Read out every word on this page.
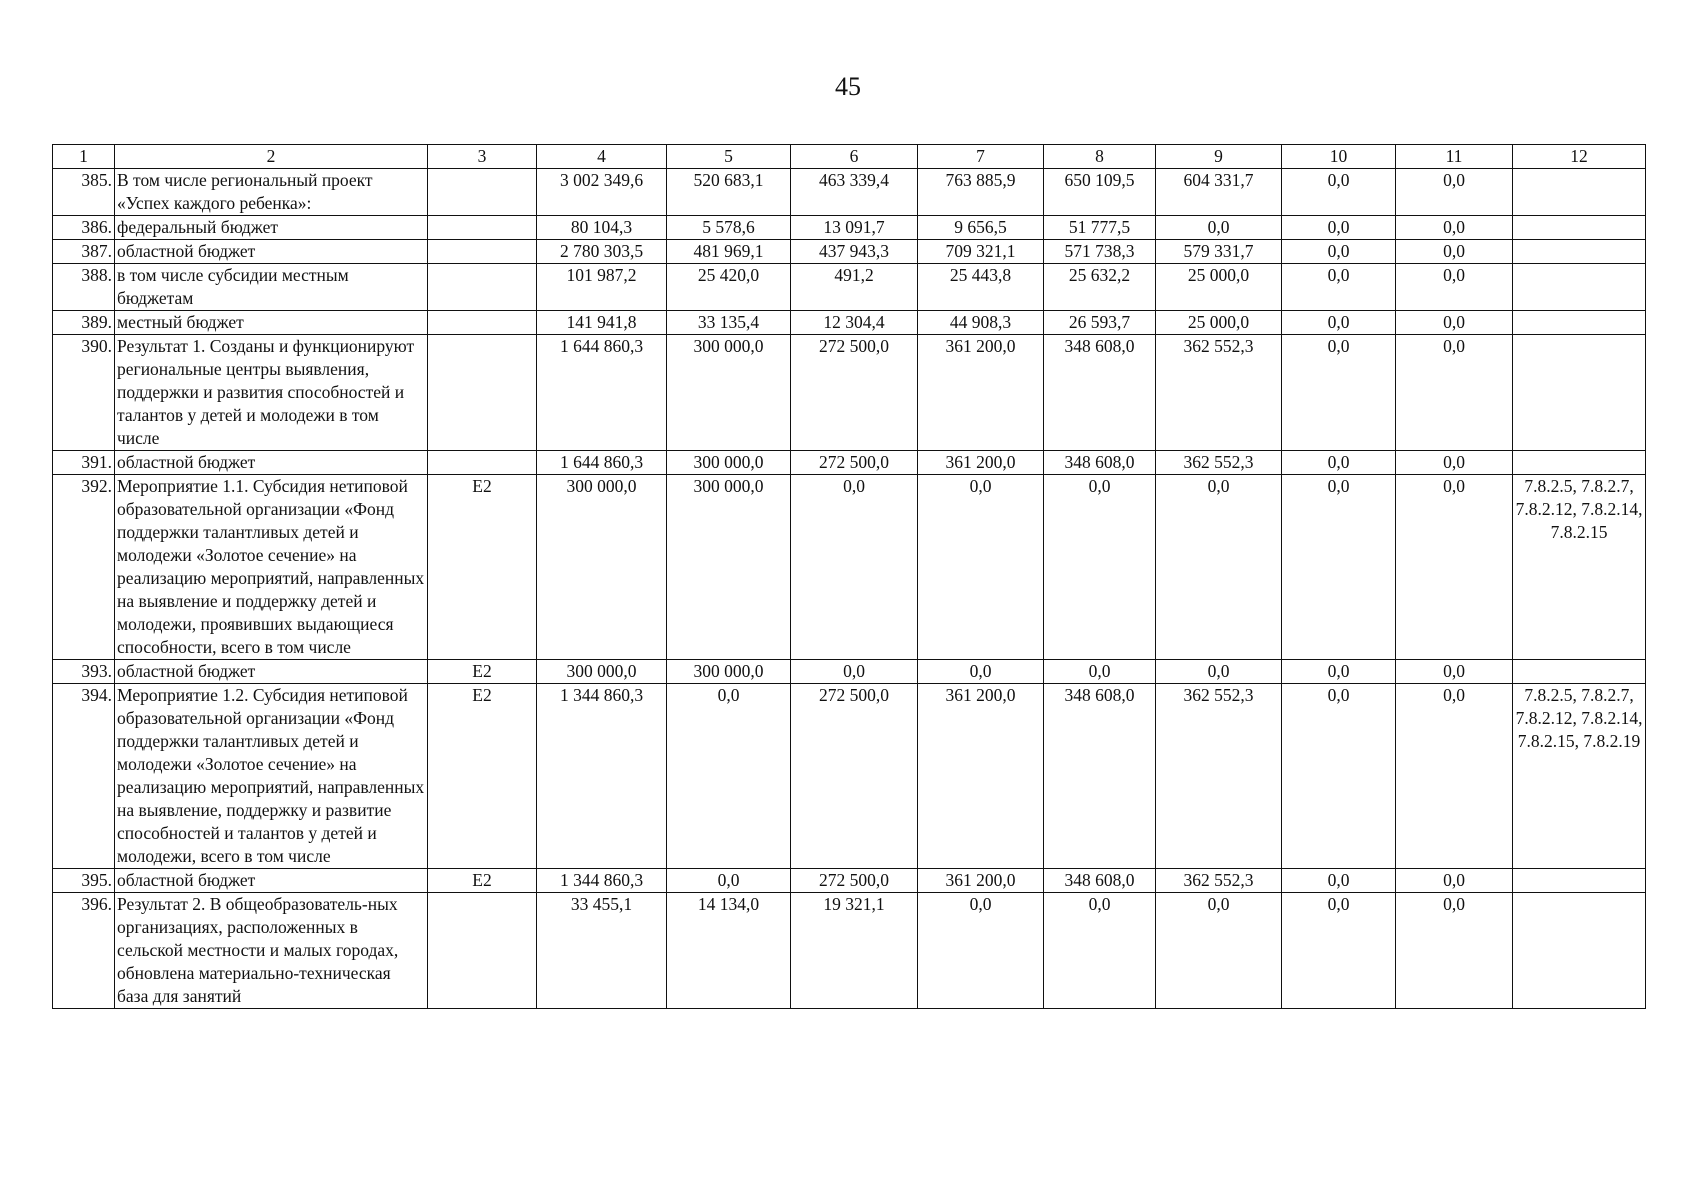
45
1	2	3	4	5	6	7	8	9	10	11	12
385.	В том числе региональный проект «Успех каждого ребенка»:		3 002 349,6	520 683,1	463 339,4	763 885,9	650 109,5	604 331,7	0,0	0,0	
386.	федеральный бюджет		80 104,3	5 578,6	13 091,7	9 656,5	51 777,5	0,0	0,0	0,0	
387.	областной бюджет		2 780 303,5	481 969,1	437 943,3	709 321,1	571 738,3	579 331,7	0,0	0,0	
388.	в том числе субсидии местным бюджетам		101 987,2	25 420,0	491,2	25 443,8	25 632,2	25 000,0	0,0	0,0	
389.	местный бюджет		141 941,8	33 135,4	12 304,4	44 908,3	26 593,7	25 000,0	0,0	0,0	
390.	Результат 1. Созданы и функционируют региональные центры выявления, поддержки и развития способностей и талантов у детей и молодежи в том числе		1 644 860,3	300 000,0	272 500,0	361 200,0	348 608,0	362 552,3	0,0	0,0	
391.	областной бюджет		1 644 860,3	300 000,0	272 500,0	361 200,0	348 608,0	362 552,3	0,0	0,0	
392.	Мероприятие 1.1. Субсидия нетиповой образовательной организации «Фонд поддержки талантливых детей и молодежи «Золотое сечение» на реализацию мероприятий, направленных на выявление и поддержку детей и молодежи, проявивших выдающиеся способности, всего в том числе	Е2	300 000,0	300 000,0	0,0	0,0	0,0	0,0	0,0	0,0	7.8.2.5, 7.8.2.7, 7.8.2.12, 7.8.2.14, 7.8.2.15
393.	областной бюджет	Е2	300 000,0	300 000,0	0,0	0,0	0,0	0,0	0,0	0,0	
394.	Мероприятие 1.2. Субсидия нетиповой образовательной организации «Фонд поддержки талантливых детей и молодежи «Золотое сечение» на реализацию мероприятий, направленных на выявление, поддержку и развитие способностей и талантов у детей и молодежи, всего в том числе	Е2	1 344 860,3	0,0	272 500,0	361 200,0	348 608,0	362 552,3	0,0	0,0	7.8.2.5, 7.8.2.7, 7.8.2.12, 7.8.2.14, 7.8.2.15, 7.8.2.19
395.	областной бюджет	Е2	1 344 860,3	0,0	272 500,0	361 200,0	348 608,0	362 552,3	0,0	0,0	
396.	Результат 2. В общеобразователь-ных организациях, расположенных в сельской местности и малых городах, обновлена материально-техническая база для занятий		33 455,1	14 134,0	19 321,1	0,0	0,0	0,0	0,0	0,0	
